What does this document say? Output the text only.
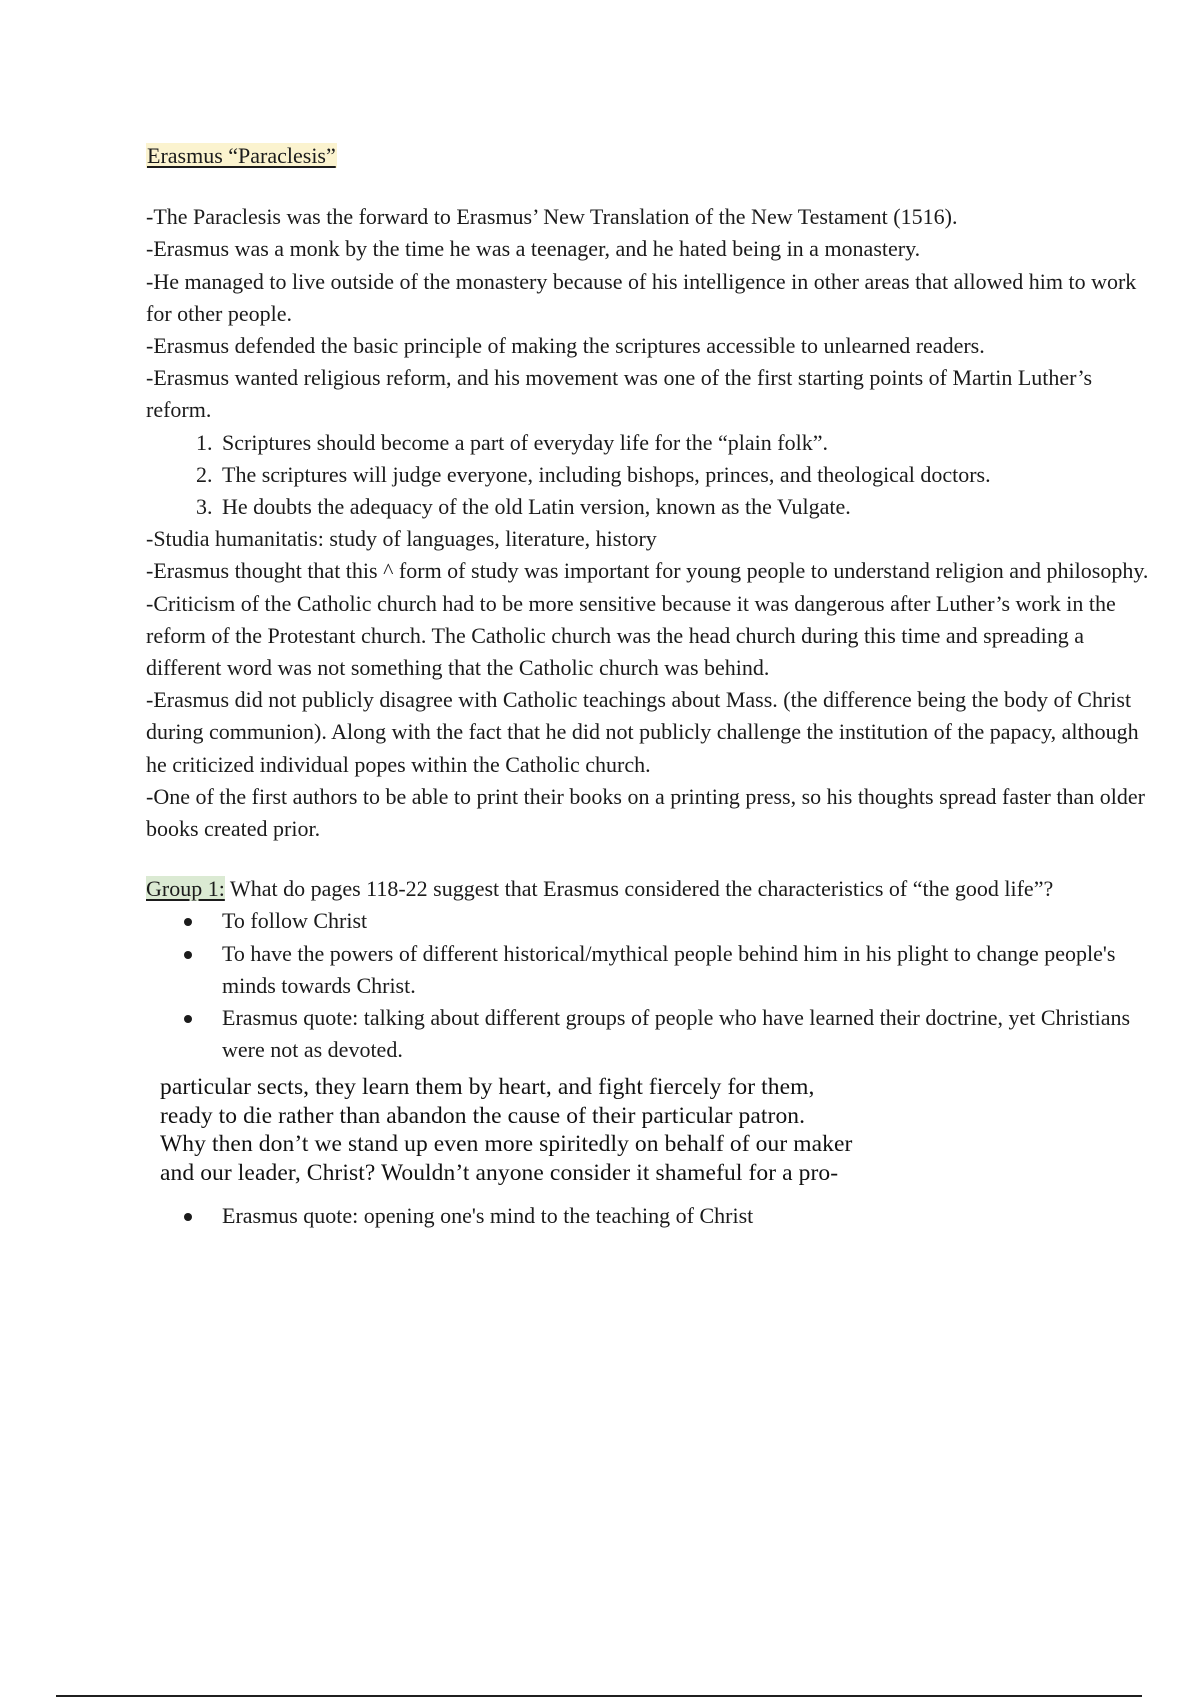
Erasmus “Paraclesis”

-The Paraclesis was the forward to Erasmus’ New Translation of the New Testament (1516).

-Erasmus was a monk by the time he was a teenager, and he hated being in a monastery.

-He managed to live outside of the monastery because of his intelligence in other areas that allowed him to work for other people.

-Erasmus defended the basic principle of making the scriptures accessible to unlearned readers.

-Erasmus wanted religious reform, and his movement was one of the first starting points of Martin Luther’s reform.

1. Scriptures should become a part of everyday life for the “plain folk”.
2. The scriptures will judge everyone, including bishops, princes, and theological doctors.
3. He doubts the adequacy of the old Latin version, known as the Vulgate.

-Studia humanitatis: study of languages, literature, history

-Erasmus thought that this ^ form of study was important for young people to understand religion and philosophy.

-Criticism of the Catholic church had to be more sensitive because it was dangerous after Luther’s work in the reform of the Protestant church. The Catholic church was the head church during this time and spreading a different word was not something that the Catholic church was behind.

-Erasmus did not publicly disagree with Catholic teachings about Mass. (the difference being the body of Christ during communion). Along with the fact that he did not publicly challenge the institution of the papacy, although he criticized individual popes within the Catholic church.

-One of the first authors to be able to print their books on a printing press, so his thoughts spread faster than older books created prior.

Group 1: What do pages 118-22 suggest that Erasmus considered the characteristics of “the good life”?

To follow Christ
To have the powers of different historical/mythical people behind him in his plight to change people's minds towards Christ.
Erasmus quote: talking about different groups of people who have learned their doctrine, yet Christians were not as devoted.
particular sects, they learn them by heart, and fight fiercely for them,
ready to die rather than abandon the cause of their particular patron.
Why then don’t we stand up even more spiritedly on behalf of our maker
and our leader, Christ? Wouldn’t anyone consider it shameful for a pro-
Erasmus quote: opening one's mind to the teaching of Christ
